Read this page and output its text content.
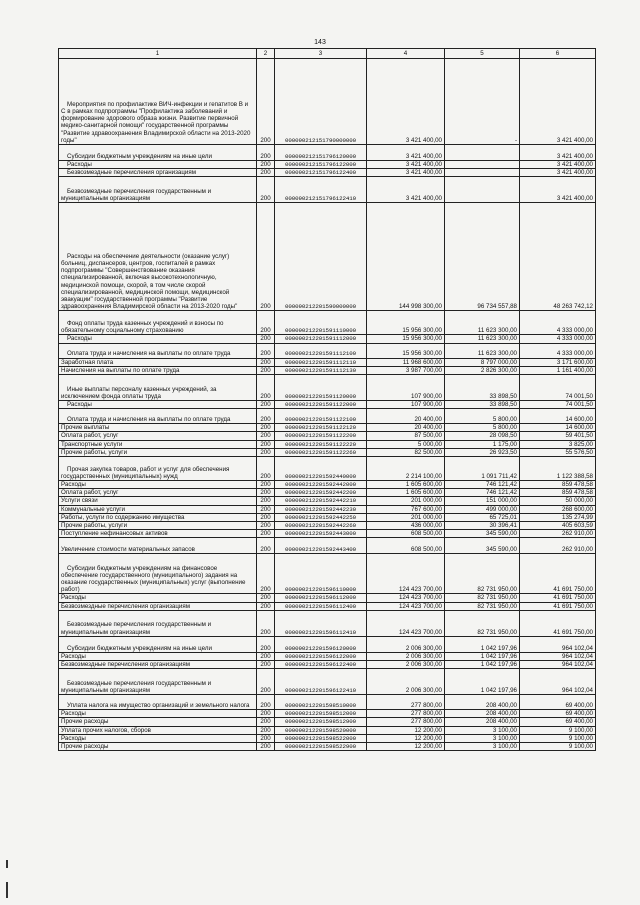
143
1	2	3	4	5	6
Мероприятия по профилактике ВИЧ-инфекции и гепатитов В и С в рамках подпрограммы "Профилактика заболеваний и формирование здорового образа жизни. Развитие первичной медико-санитарной помощи" государственной программы "Развитие здравоохранения Владимирской области на 2013-2020 годы"	200	000090212151790000000	3 421 400,00	-	3 421 400,00
Субсидии бюджетным учреждениям на иные цели	200	000090212151796120000	3 421 400,00		3 421 400,00
Расходы	200	000090212151796122000	3 421 400,00		3 421 400,00
Безвозмездные перечисления организациям	200	000090212151796122400	3 421 400,00		3 421 400,00
Безвозмездные перечисления государственным и муниципальным организациям	200	000090212151796122410	3 421 400,00		3 421 400,00
Расходы на обеспечение деятельности (оказание услуг) больниц, диспансеров, центров, госпиталей в рамках подпрограммы "Совершенствование оказания специализированной, включая высокотехнологичную, медицинской помощи, скорой, в том числе скорой специализированной, медицинской помощи, медицинской эвакуации" государственной программы "Развитие здравоохранения Владимирской области на 2013-2020 годы"	200	000090212201590000000	144 998 300,00	96 734 557,88	48 263 742,12
Фонд оплаты труда казенных учреждений и взносы по обязательному социальному страхованию	200	000090212201591110000	15 956 300,00	11 623 300,00	4 333 000,00
Расходы	200	000090212201591112000	15 956 300,00	11 623 300,00	4 333 000,00
Оплата труда и начисления на выплаты по оплате труда	200	000090212201591112100	15 956 300,00	11 623 300,00	4 333 000,00
Заработная плата	200	000090212201591112110	11 968 600,00	8 797 000,00	3 171 600,00
Начисления на выплаты по оплате труда	200	000090212201591112130	3 987 700,00	2 826 300,00	1 161 400,00
Иные выплаты персоналу казенных учреждений, за исключением фонда оплаты труда	200	000090212201591120000	107 900,00	33 898,50	74 001,50
Расходы	200	000090212201591122000	107 900,00	33 898,50	74 001,50
Оплата труда и начисления на выплаты по оплате труда	200	000090212201591122100	20 400,00	5 800,00	14 600,00
Прочие выплаты	200	000090212201591122120	20 400,00	5 800,00	14 600,00
Оплата работ, услуг	200	000090212201591122200	87 500,00	28 098,50	59 401,50
Транспортные услуги	200	000090212201591122220	5 000,00	1 175,00	3 825,00
Прочие работы, услуги	200	000090212201591122260	82 500,00	26 923,50	55 576,50
Прочая закупка товаров, работ и услуг для обеспечения государственных (муниципальных) нужд	200	000090212201592440000	2 214 100,00	1 091 711,42	1 122 388,58
Расходы	200	000090212201592442000	1 605 600,00	746 121,42	859 478,58
Оплата работ, услуг	200	000090212201592442200	1 605 600,00	746 121,42	859 478,58
Услуги связи	200	000090212201592442210	201 000,00	151 000,00	50 000,00
Коммунальные услуги	200	000090212201592442230	767 600,00	499 000,00	268 600,00
Работы, услуги по содержанию имущества	200	000090212201592442250	201 000,00	65 725,01	135 274,99
Прочие работы, услуги	200	000090212201592442260	436 000,00	30 396,41	405 603,59
Поступление нефинансовых активов	200	000090212201592443000	608 500,00	345 590,00	262 910,00
Увеличение стоимости материальных запасов	200	000090212201592443400	608 500,00	345 590,00	262 910,00
Субсидии бюджетным учреждениям на финансовое обеспечение государственного (муниципального) задания на оказание государственных (муниципальных) услуг (выполнение работ)	200	000090212201596110000	124 423 700,00	82 731 950,00	41 691 750,00
Расходы	200	000090212201596112000	124 423 700,00	82 731 950,00	41 691 750,00
Безвозмездные перечисления организациям	200	000090212201596112400	124 423 700,00	82 731 950,00	41 691 750,00
Безвозмездные перечисления государственным и муниципальным организациям	200	000090212201596112410	124 423 700,00	82 731 950,00	41 691 750,00
Субсидии бюджетным учреждениям на иные цели	200	000090212201596120000	2 006 300,00	1 042 197,96	964 102,04
Расходы	200	000090212201596122000	2 006 300,00	1 042 197,96	964 102,04
Безвозмездные перечисления организациям	200	000090212201596122400	2 006 300,00	1 042 197,96	964 102,04
Безвозмездные перечисления государственным и муниципальным организациям	200	000090212201596122410	2 006 300,00	1 042 197,96	964 102,04
Уплата налога на имущество организаций и земельного налога	200	000090212201598510000	277 800,00	208 400,00	69 400,00
Расходы	200	000090212201598512000	277 800,00	208 400,00	69 400,00
Прочие расходы	200	000090212201598512900	277 800,00	208 400,00	69 400,00
Уплата прочих налогов, сборов	200	000090212201598520000	12 200,00	3 100,00	9 100,00
Расходы	200	000090212201598522000	12 200,00	3 100,00	9 100,00
Прочие расходы	200	000090212201598522900	12 200,00	3 100,00	9 100,00
